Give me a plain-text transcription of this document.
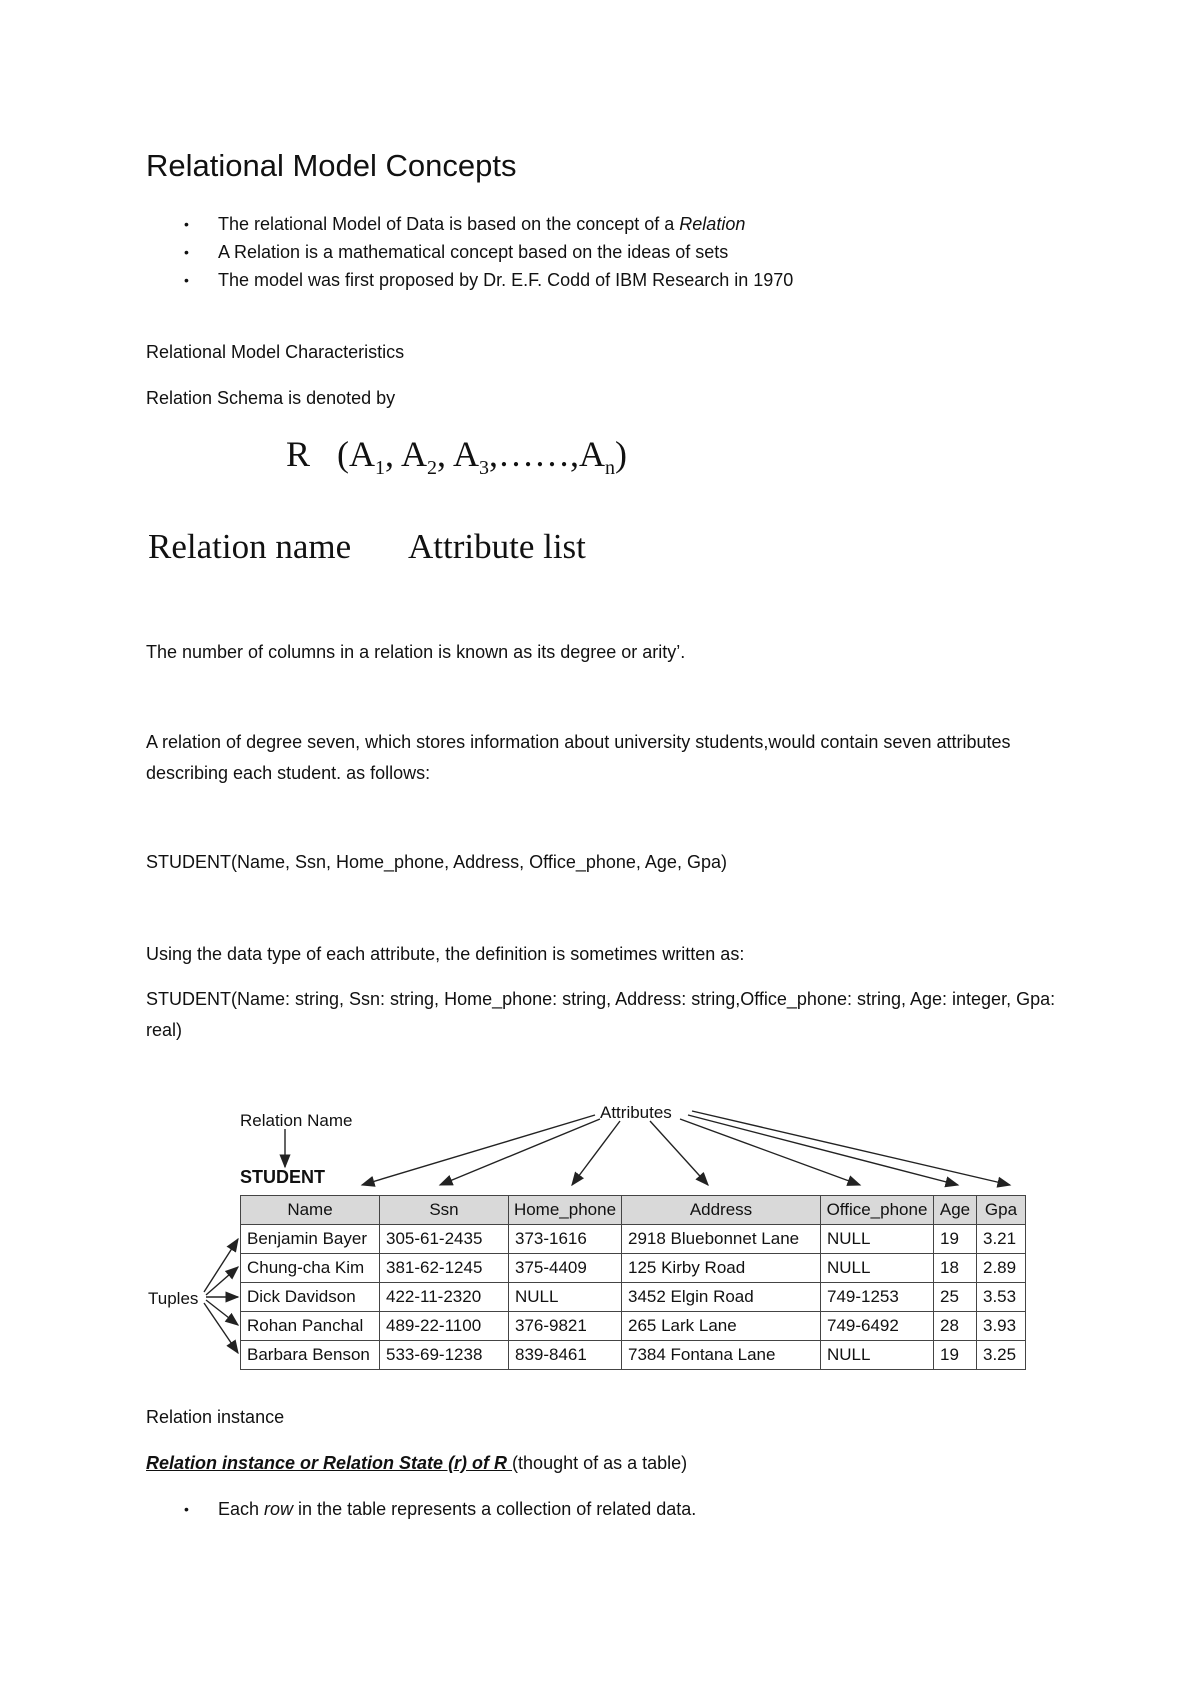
Relational Model Concepts
• The relational Model of Data is based on the concept of a Relation
• A Relation is a mathematical concept based on the ideas of sets
• The model was first proposed by Dr. E.F. Codd of IBM Research in 1970

Relational Model Characteristics

Relation Schema is denoted by

R ($A_1$, $A_2$, $A_3,\dots\dots,A_n$)
Relation name Attribute list

The number of columns in a relation is known as its degree or arity’.

A relation of degree seven, which stores information about university students,would contain seven attributes describing each student. as follows:

STUDENT(Name, Ssn, Home_phone, Address, Office_phone, Age, Gpa)

Using the data type of each attribute, the definition is sometimes written as:

STUDENT(Name: string, Ssn: string, Home_phone: string, Address: string,Office_phone: string, Age: integer, Gpa: real)

Relation Name	Attributes
Tuples
STUDENT
Name	Ssn	Home_phone	Address	Office_phone	Age	Gpa
Benjamin Bayer	305-61-2435	373-1616	2918 Bluebonnet Lane	NULL	19	3.21
Chung-cha Kim	381-62-1245	375-4409	125 Kirby Road	NULL	18	2.89
Dick Davidson	422-11-2320	NULL	3452 Elgin Road	749-1253	25	3.53
Rohan Panchal	489-22-1100	376-9821	265 Lark Lane	749-6492	28	3.93
Barbara Benson	533-69-1238	839-8461	7384 Fontana Lane	NULL	19	3.25

Relation instance

Relation instance or Relation State (r) of R (thought of as a table)

• Each row in the table represents a collection of related data.
